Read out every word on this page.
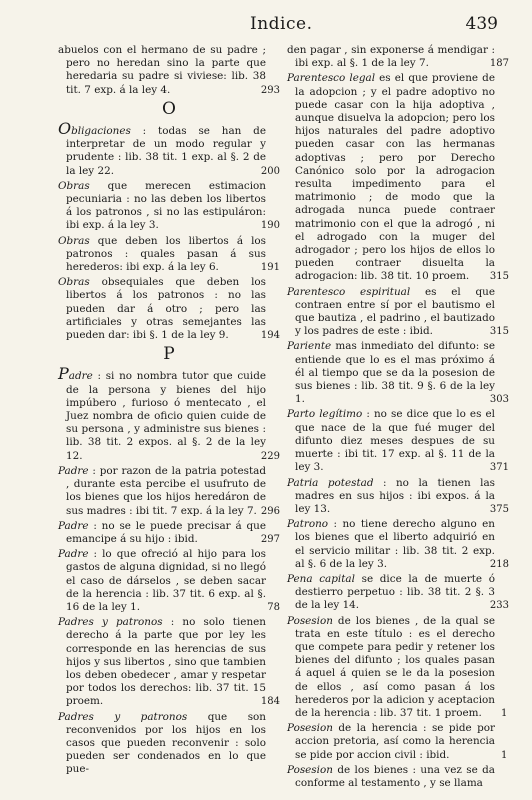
Indice.	439
abuelos con el hermano de su padre ; pero no heredan sino la parte que heredaria su padre si viviese: lib. 38 tit. 7 exp. á la ley 4.	293
O
Obligaciones : todas se han de interpretar de un modo regular y prudente : lib. 38 tit. 1 exp. al §. 2 de la ley 22.	200
Obras que merecen estimacion pecuniaria : no las deben los libertos á los patronos , si no las estipuláron: ibi exp. á la ley 3.	190
Obras que deben los libertos á los patronos : quales pasan á sus herederos: ibi exp. á la ley 6.	191
Obras obsequiales que deben los libertos á los patronos : no las pueden dar á otro ; pero las artificiales y otras semejantes las pueden dar: ibi §. 1 de la ley 9.	194
P
Padre : si no nombra tutor que cuide de la persona y bienes del hijo impúbero , furioso ó mentecato , el Juez nombra de oficio quien cuide de su persona , y administre sus bienes : lib. 38 tit. 2 expos. al §. 2 de la ley 12.	229
Padre : por razon de la patria potestad , durante esta percibe el usufruto de los bienes que los hijos heredáron de sus madres : ibi tit. 7 exp. á la ley 7. 296
Padre : no se le puede precisar á que emancipe á su hijo : ibid.	297
Padre : lo que ofreció al hijo para los gastos de alguna dignidad, si no llegó el caso de dárselos , se deben sacar de la herencia : lib. 37 tit. 6 exp. al §. 16 de la ley 1.	78
Padres y patronos : no solo tienen derecho á la parte que por ley les corresponde en las herencias de sus hijos y sus libertos , sino que tambien los deben obedecer , amar y respetar por todos los derechos: lib. 37 tit. 15 proem.	184
Padres y patronos que son reconvenidos por los hijos en los casos que pueden reconvenir : solo pueden ser condenados en lo que pue-
den pagar , sin exponerse á mendigar : ibi exp. al §. 1 de la ley 7.	187
Parentesco legal es el que proviene de la adopcion ; y el padre adoptivo no puede casar con la hija adoptiva , aunque disuelva la adopcion; pero los hijos naturales del padre adoptivo pueden casar con las hermanas adoptivas ; pero por Derecho Canónico solo por la adrogacion resulta impedimento para el matrimonio ; de modo que la adrogada nunca puede contraer matrimonio con el que la adrogó , ni el adrogado con la muger del adrogador ; pero los hijos de ellos lo pueden contraer disuelta la adrogacion: lib. 38 tit. 10 proem. 315
Parentesco espiritual es el que contraen entre sí por el bautismo el que bautiza , el padrino , el bautizado y los padres de este : ibid.	315
Pariente mas inmediato del difunto: se entiende que lo es el mas próximo á él al tiempo que se da la posesion de sus bienes : lib. 38 tit. 9 §. 6 de la ley 1.	303
Parto legítimo : no se dice que lo es el que nace de la que fué muger del difunto diez meses despues de su muerte : ibi tit. 17 exp. al §. 11 de la ley 3.	371
Patria potestad : no la tienen las madres en sus hijos : ibi expos. á la ley 13.	375
Patrono : no tiene derecho alguno en los bienes que el liberto adquirió en el servicio militar : lib. 38 tit. 2 exp. al §. 6 de la ley 3.	218
Pena capital se dice la de muerte ó destierro perpetuo : lib. 38 tit. 2 §. 3 de la ley 14.	233
Posesion de los bienes , de la qual se trata en este título : es el derecho que compete para pedir y retener los bienes del difunto ; los quales pasan á aquel á quien se le da la posesion de ellos , así como pasan á los herederos por la adicion y aceptacion de la herencia : lib. 37 tit. 1 proem. 1
Posesion de la herencia : se pide por accion pretoria, así como la herencia se pide por accion civil : ibid.	1
Posesion de los bienes : una vez se da conforme al testamento , y se llama
